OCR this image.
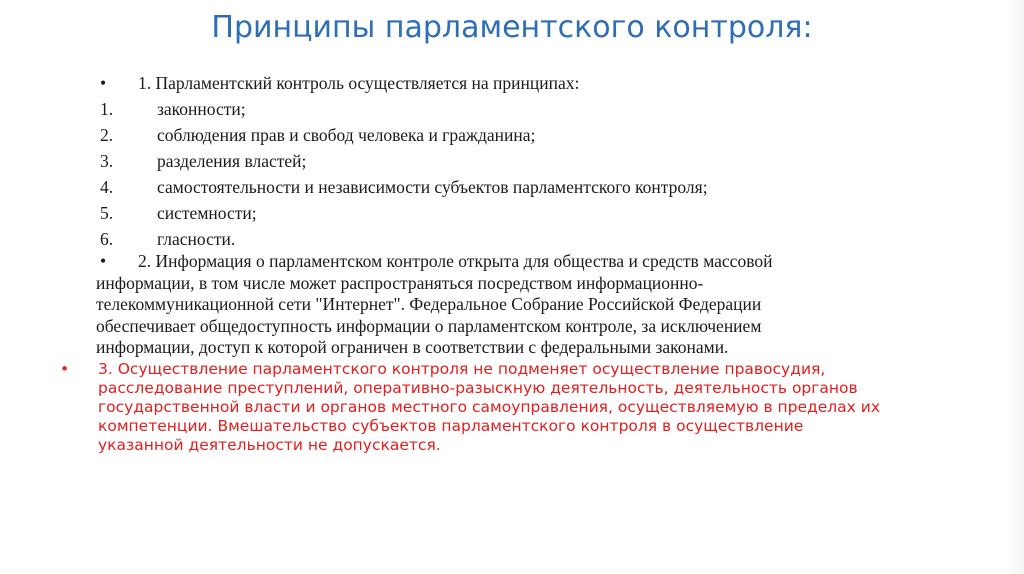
Принципы парламентского контроля:
• 1. Парламентский контроль осуществляется на принципах:
1.	законности;
2.	соблюдения прав и свобод человека и гражданина;
3.	разделения властей;
4.	самостоятельности и независимости субъектов парламентского контроля;
5.	системности;
6.	гласности.
•	2. Информация о парламентском контроле открыта для общества и средств массовой
информации, в том числе может распространяться посредством информационно-
телекоммуникационной сети "Интернет". Федеральное Собрание Российской Федерации
обеспечивает общедоступность информации о парламентском контроле, за исключением
информации, доступ к которой ограничен в соответствии с федеральными законами.
• 3. Осуществление парламентского контроля не подменяет осуществление правосудия,
расследование преступлений, оперативно-разыскную деятельность, деятельность органов
государственной власти и органов местного самоуправления, осуществляемую в пределах их
компетенции. Вмешательство субъектов парламентского контроля в осуществление
указанной деятельности не допускается.
